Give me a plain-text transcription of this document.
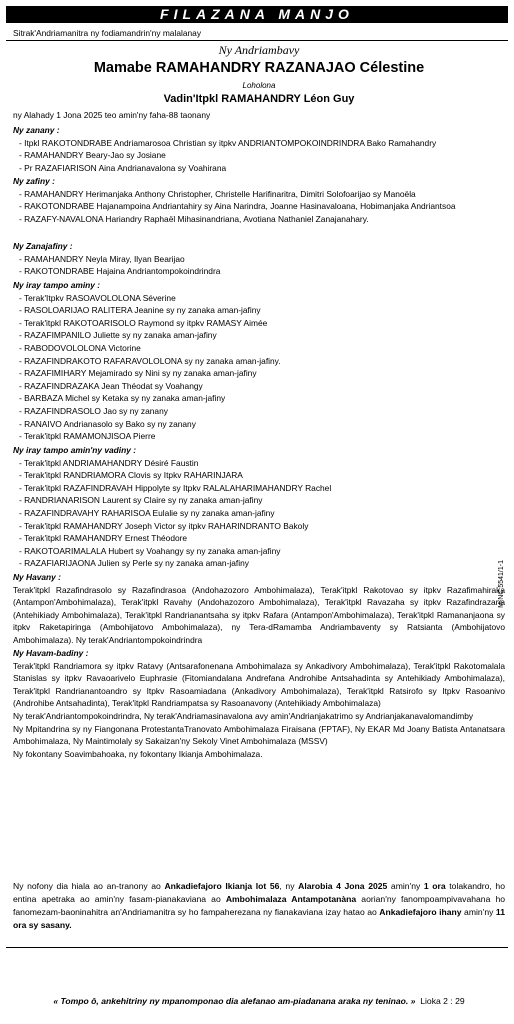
FILAZANA MANJO
Sitrak'Andriamanitra ny fodiamandrin'ny malalanay
Ny Andriambavy
Mamabe RAMAHANDRY RAZANAJAO Célestine
Loholona
Vadin'Itpkl RAMAHANDRY Léon Guy
ny Alahady 1 Jona 2025 teo amin'ny faha-88 taonany
Ny zanany :
- Itpkl RAKOTONDRABE Andriamarosoa Christian sy itpkv ANDRIANTOMPOKOINDRINDRA Bako Ramahandry
- RAMAHANDRY Beary-Jao sy Josiane
- Pr RAZAFIARISON Aina Andrianavalona sy Voahirana
Ny zafiny :
- RAMAHANDRY Herimanjaka Anthony Christopher, Christelle Harifinaritra, Dimitri Solofoarijao sy Manoëla
- RAKOTONDRABE Hajanampoina Andriantahiry sy Aina Narindra, Joanne Hasinavaloana, Hobimanjaka Andriantsoa
- RAZAFY-NAVALONA Hariandry Raphaël Mihasinandriana, Avotiana Nathaniel Zanajanahary.
Ny Zanajafiny :
- RAMAHANDRY Neyla Miray, Ilyan Bearijao
- RAKOTONDRABE Hajaina Andriantompokoindrindra
Ny iray tampo aminy :
- Terak'Itpkv RASOAVOLOLONA Séverine
- RASOLOARIJAO RALITERA Jeanine sy ny zanaka aman-jafiny
- Terak'itpkl RAKOTOARISOLO Raymond sy itpkv RAMASY Aimée
- RAZAFIMPANILO Juliette sy ny zanaka aman-jafiny
- RABODOVOLOLONA Victorine
- RAZAFINDRAKOTO RAFARAVOLOLONA sy ny zanaka aman-jafiny.
- RAZAFIMIHARY Mejamirado sy Nini sy ny zanaka aman-jafiny
- RAZAFINDRAZAKA Jean Théodat sy Voahangy
- BARBAZA Michel sy Ketaka sy ny zanaka aman-jafiny
- RAZAFINDRASOLO Jao sy ny zanany
- RANAIVO Andrianasolo sy Bako sy ny zanany
- Terak'itpkl RAMAMONJISOA Pierre
Ny iray tampo amin'ny vadiny :
- Terak'itpkl ANDRIAMAHANDRY Désiré Faustin
- Terak'itpkl RANDRIAMORA Clovis sy Itpkv RAHARINJARA
- Terak'itpkl RAZAFINDRAVAH Hippolyte sy Itpkv RALALAHARIMAHANDRY Rachel
- RANDRIANARISON Laurent sy Claire sy ny zanaka aman-jafiny
- RAZAFINDRAVAHY RAHARISOA Eulalie sy ny zanaka aman-jafiny
- Terak'itpkl RAMAHANDRY Joseph Victor sy itpkv RAHARINDRANTO Bakoly
- Terak'itpkl RAMAHANDRY Ernest Théodore
- RAKOTOARIMALALA Hubert sy Voahangy sy ny zanaka aman-jafiny
- RAZAFIARIJAONA Julien sy Perle sy ny zanaka aman-jafiny
Ny Havany :
Terak'itpkl Razafindrasolo sy Razafindrasoa (Andohazozoro Ambohimalaza), Terak'itpkl Rakotovao sy itpkv Razafimahiraka (Antampon'Ambohimalaza), Terak'itpkl Ravahy (Andohazozoro Ambohimalaza), Terak'itpkl Ravazaha sy itpkv Razafindrazana (Antehikiady Ambohimalaza), Terak'itpkl Randrianantsaha sy itpkv Rafara (Antampon'Ambohimalaza), Terak'itpkl Ramananjaona sy itpkv Raketapiringa (Ambohijatovo Ambohimalaza), ny Tera-dRamamba Andriambaventy sy Ratsianta (Ambohijatovo Ambohimalaza). Ny terak'Andriantompokoindrindra
Ny Havam-badiny :
Terak'itpkl Randriamora sy itpkv Ratavy (Antsarafonenana Ambohimalaza sy Ankadivory Ambohimalaza), Terak'itpkl Rakotomalala Stanislas sy itpkv Ravaoarivelo Euphrasie (Fitomiandalana Andrefana Androhibe Antsahadinta sy Antehikiady Ambohimalaza), Terak'itpkl Randrianantoandro sy Itpkv Rasoamiadana (Ankadivory Ambohimalaza), Terak'itpkl Ratsirofo sy Itpkv Rasoanivo (Androhibe Antsahadinta), Terak'itpkl Randriampatsa sy Rasoanavony (Antehikiady Ambohimalaza)
Ny terak'Andriantompokoindrindra, Ny terak'Andriamasinavalona avy amin'Andrianjakatrimo sy Andrianjakanavalomandimby
Ny Mpitandrina sy ny Fiangonana ProtestantaTranovato Ambohimalaza Firaisana (FPTAF), Ny EKAR Md Joany Batista Antanatsara Ambohimalaza, Ny Maintimolaly sy Sakaizan'ny Sekoly Vinet Ambohimalaza (MSSV)
Ny fokontany Soavimbahoaka, ny fokontany Ikianja Ambohimalaza.
Ny nofony dia hiala ao an-tranony ao Ankadiefajoro Ikianja lot 56, ny Alarobia 4 Jona 2025 amin'ny 1 ora tolakandro, ho entina apetraka ao amin'ny fasam-pianakaviana ao Ambohimalaza Antampotanàna aorian'ny fanompoampivavahana ho fanomezam-baoninahitra an'Andriamanitra sy ho fampaherezana ny fianakaviana izay hatao ao Ankadiefajoro ihany amin'ny 11 ora sy sasany.
« Tompo ô, ankehitriny ny mpanomponao dia alefanao am-piadanana araka ny teninao. » Lioka 2 : 29
M-NC 5541/1-1
